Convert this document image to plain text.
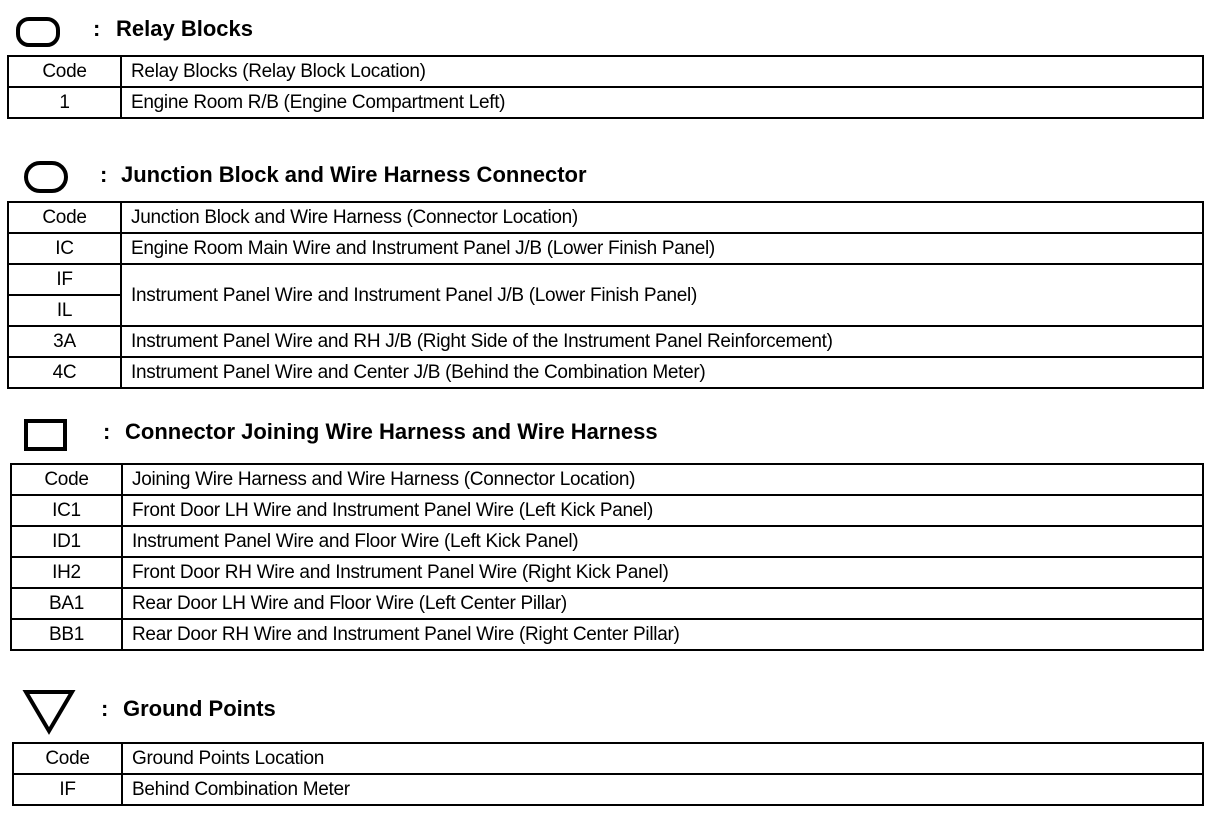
: Relay Blocks
Code	Relay Blocks (Relay Block Location)
1	Engine Room R/B (Engine Compartment Left)
: Junction Block and Wire Harness Connector
Code	Junction Block and Wire Harness (Connector Location)
IC	Engine Room Main Wire and Instrument Panel J/B (Lower Finish Panel)
IF	Instrument Panel Wire and Instrument Panel J/B (Lower Finish Panel)
IL	
3A	Instrument Panel Wire and RH J/B (Right Side of the Instrument Panel Reinforcement)
4C	Instrument Panel Wire and Center J/B (Behind the Combination Meter)
: Connector Joining Wire Harness and Wire Harness
Code	Joining Wire Harness and Wire Harness (Connector Location)
IC1	Front Door LH Wire and Instrument Panel Wire (Left Kick Panel)
ID1	Instrument Panel Wire and Floor Wire (Left Kick Panel)
IH2	Front Door RH Wire and Instrument Panel Wire (Right Kick Panel)
BA1	Rear Door LH Wire and Floor Wire (Left Center Pillar)
BB1	Rear Door RH Wire and Instrument Panel Wire (Right Center Pillar)
: Ground Points
Code	Ground Points Location
IF	Behind Combination Meter
